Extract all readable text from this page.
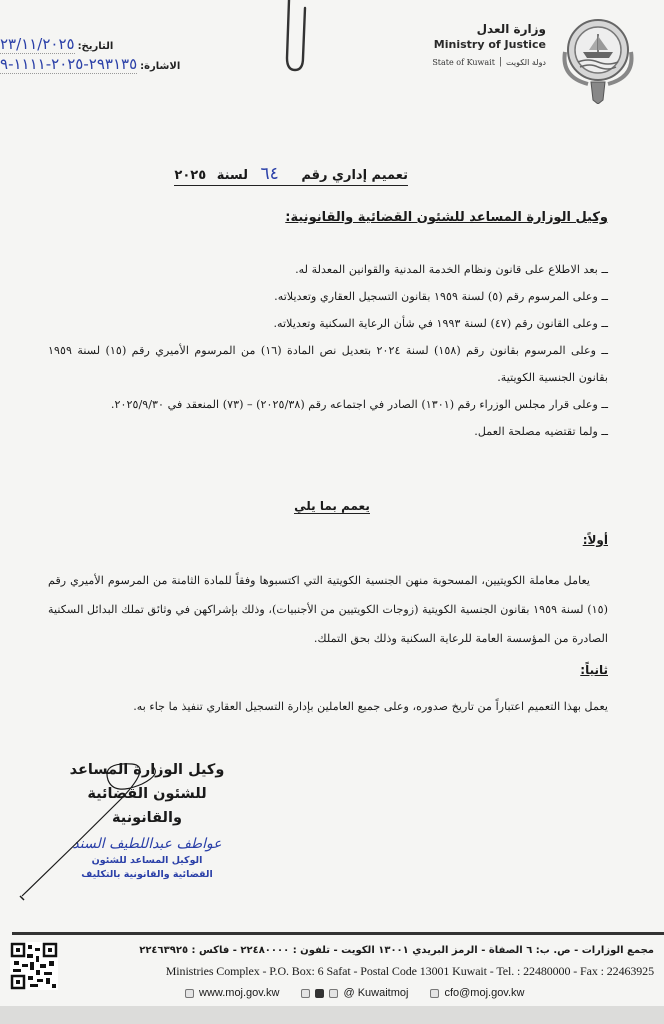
وزارة العدل
Ministry of Justice
State of Kuwait | دولة الكويت
التاريخ:
٢٣/١١/٢٠٢٥
الاشارة:
٢٩٣١٣٥-٢٠٢٥-١١١١-٩
تعميم إداري رقم ٦٤ لسنة ٢٠٢٥
وكيل الوزارة المساعد للشئون القضائية والقانونية:

ــ بعد الاطلاع على قانون ونظام الخدمة المدنية والقوانين المعدلة له.

ــ وعلى المرسوم رقم (٥) لسنة ١٩٥٩ بقانون التسجيل العقاري وتعديلاته.

ــ وعلى القانون رقم (٤٧) لسنة ١٩٩٣ في شأن الرعاية السكنية وتعديلاته.

ــ وعلى المرسوم بقانون رقم (١٥٨) لسنة ٢٠٢٤ بتعديل نص المادة (١٦) من المرسوم الأميري رقم (١٥) لسنة ١٩٥٩ بقانون الجنسية الكويتية.

ــ وعلى قرار مجلس الوزراء رقم (١٣٠١) الصادر في اجتماعه رقم (٢٠٢٥/٣٨) – (٧٣) المنعقد في ٢٠٢٥/٩/٣٠.

ــ ولما تقتضيه مصلحة العمل.

يعمم بما يلي
أولاً:
يعامل معاملة الكويتيين، المسحوبة منهن الجنسية الكويتية التي اكتسبوها وفقاً للمادة الثامنة من المرسوم الأميري رقم (١٥) لسنة ١٩٥٩ بقانون الجنسية الكويتية (زوجات الكويتيين من الأجنبيات)، وذلك بإشراكهن في وثائق تملك البدائل السكنية الصادرة من المؤسسة العامة للرعاية السكنية وذلك بحق التملك.
ثانياً:
يعمل بهذا التعميم اعتباراً من تاريخ صدوره، وعلى جميع العاملين بإدارة التسجيل العقاري تنفيذ ما جاء به.
وكيل الوزارة المساعد
للشئون القضائية والقانونية
عواطف عبداللطيف السند
الوكيل المساعد للشئون
القضائية والقانونية بالتكليف
مجمع الوزارات - ص. ب: ٦ الصفاة - الرمز البريدي ١٣٠٠١ الكويت - تلفون : ٢٢٤٨٠٠٠٠ - فاكس : ٢٢٤٦٣٩٢٥
Ministries Complex - P.O. Box: 6 Safat - Postal Code 13001 Kuwait - Tel. : 22480000 - Fax : 22463925
www.moj.gov.kw	@ Kuwaitmoj	cfo@moj.gov.kw
